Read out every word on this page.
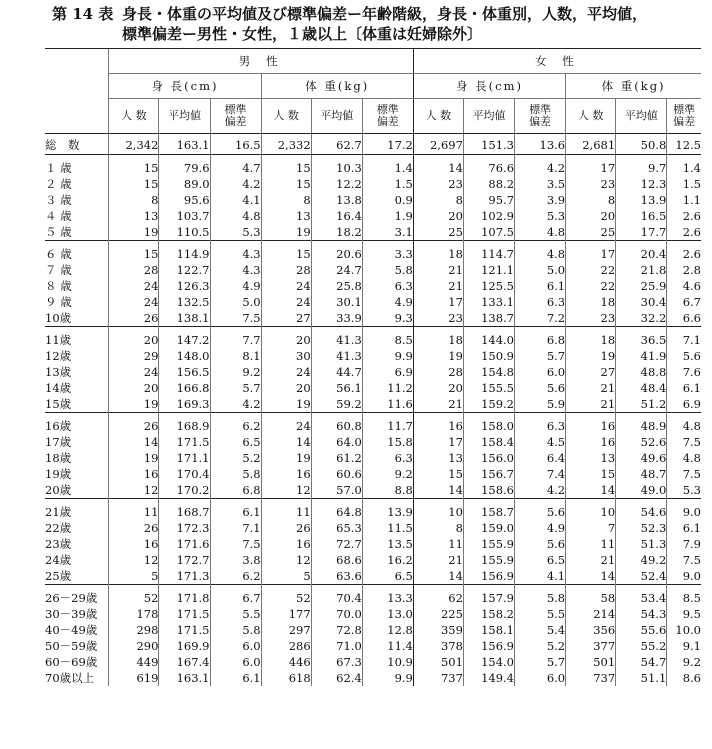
第 14 表 身長・体重の平均値及び標準偏差ー年齢階級，身長・体重別，人数，平均値，
標準偏差ー男性・女性，１歳以上〔体重は妊婦除外〕
	男 性						女 性					
	身 長(cm)			体 重(kg)			身 長(cm)			体 重(kg)		
	人 数	平均値	標準偏差	人 数	平均値	標準偏差	人 数	平均値	標準偏差	人 数	平均値	標準偏差
総　数	2,342	163.1	16.5	2,332	62.7	17.2	2,697	151.3	13.6	2,681	50.8	12.5
１ 歳	15	79.6	4.7	15	10.3	1.4	14	76.6	4.2	17	9.7	1.4
２ 歳	15	89.0	4.2	15	12.2	1.5	23	88.2	3.5	23	12.3	1.5
３ 歳	8	95.6	4.1	8	13.8	0.9	8	95.7	3.9	8	13.9	1.1
４ 歳	13	103.7	4.8	13	16.4	1.9	20	102.9	5.3	20	16.5	2.6
５ 歳	19	110.5	5.3	19	18.2	3.1	25	107.5	4.8	25	17.7	2.6
６ 歳	15	114.9	4.3	15	20.6	3.3	18	114.7	4.8	17	20.4	2.6
７ 歳	28	122.7	4.3	28	24.7	5.8	21	121.1	5.0	22	21.8	2.8
８ 歳	24	126.3	4.9	24	25.8	6.3	21	125.5	6.1	22	25.9	4.6
９ 歳	24	132.5	5.0	24	30.1	4.9	17	133.1	6.3	18	30.4	6.7
10歳	26	138.1	7.5	27	33.9	9.3	23	138.7	7.2	23	32.2	6.6
11歳	20	147.2	7.7	20	41.3	8.5	18	144.0	6.8	18	36.5	7.1
12歳	29	148.0	8.1	30	41.3	9.9	19	150.9	5.7	19	41.9	5.6
13歳	24	156.5	9.2	24	44.7	6.9	28	154.8	6.0	27	48.8	7.6
14歳	20	166.8	5.7	20	56.1	11.2	20	155.5	5.6	21	48.4	6.1
15歳	19	169.3	4.2	19	59.2	11.6	21	159.2	5.9	21	51.2	6.9
16歳	26	168.9	6.2	24	60.8	11.7	16	158.0	6.3	16	48.9	4.8
17歳	14	171.5	6.5	14	64.0	15.8	17	158.4	4.5	16	52.6	7.5
18歳	19	171.1	5.2	19	61.2	6.3	13	156.0	6.4	13	49.6	4.8
19歳	16	170.4	5.8	16	60.6	9.2	15	156.7	7.4	15	48.7	7.5
20歳	12	170.2	6.8	12	57.0	8.8	14	158.6	4.2	14	49.0	5.3
21歳	11	168.7	6.1	11	64.8	13.9	10	158.7	5.6	10	54.6	9.0
22歳	26	172.3	7.1	26	65.3	11.5	8	159.0	4.9	7	52.3	6.1
23歳	16	171.6	7.5	16	72.7	13.5	11	155.9	5.6	11	51.3	7.9
24歳	12	172.7	3.8	12	68.6	16.2	21	155.9	6.5	21	49.2	7.5
25歳	5	171.3	6.2	5	63.6	6.5	14	156.9	4.1	14	52.4	9.0
26－29歳	52	171.8	6.7	52	70.4	13.3	62	157.9	5.8	58	53.4	8.5
30－39歳	178	171.5	5.5	177	70.0	13.0	225	158.2	5.5	214	54.3	9.5
40－49歳	298	171.5	5.8	297	72.8	12.8	359	158.1	5.4	356	55.6	10.0
50－59歳	290	169.9	6.0	286	71.0	11.4	378	156.9	5.2	377	55.2	9.1
60－69歳	449	167.4	6.0	446	67.3	10.9	501	154.0	5.7	501	54.7	9.2
70歳以上	619	163.1	6.1	618	62.4	9.9	737	149.4	6.0	737	51.1	8.6
